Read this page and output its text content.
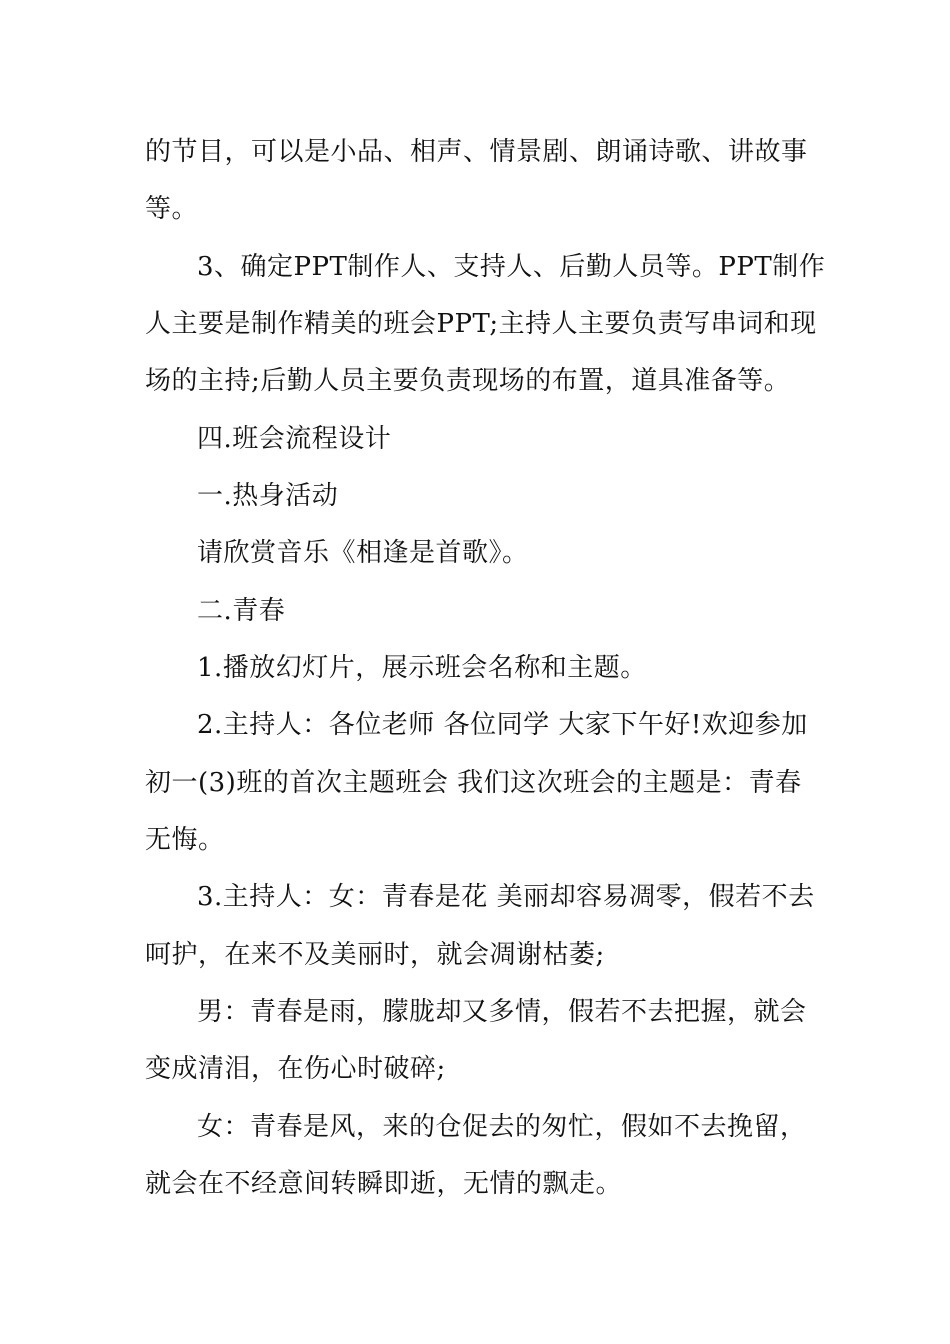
的节目，可以是小品、相声、情景剧、朗诵诗歌、讲故事
等。
3、确定PPT制作人、支持人、后勤人员等。PPT制作
人主要是制作精美的班会PPT;主持人主要负责写串词和现
场的主持;后勤人员主要负责现场的布置，道具准备等。
四.班会流程设计
一.热身活动
请欣赏音乐《相逢是首歌》。
二.青春
1.播放幻灯片，展示班会名称和主题。
2.主持人：各位老师 各位同学 大家下午好!欢迎参加
初一(3)班的首次主题班会 我们这次班会的主题是：青春
无悔。
3.主持人：女：青春是花 美丽却容易凋零，假若不去
呵护，在来不及美丽时，就会凋谢枯萎;
男：青春是雨，朦胧却又多情，假若不去把握，就会
变成清泪，在伤心时破碎;
女：青春是风，来的仓促去的匆忙，假如不去挽留，
就会在不经意间转瞬即逝，无情的飘走。
